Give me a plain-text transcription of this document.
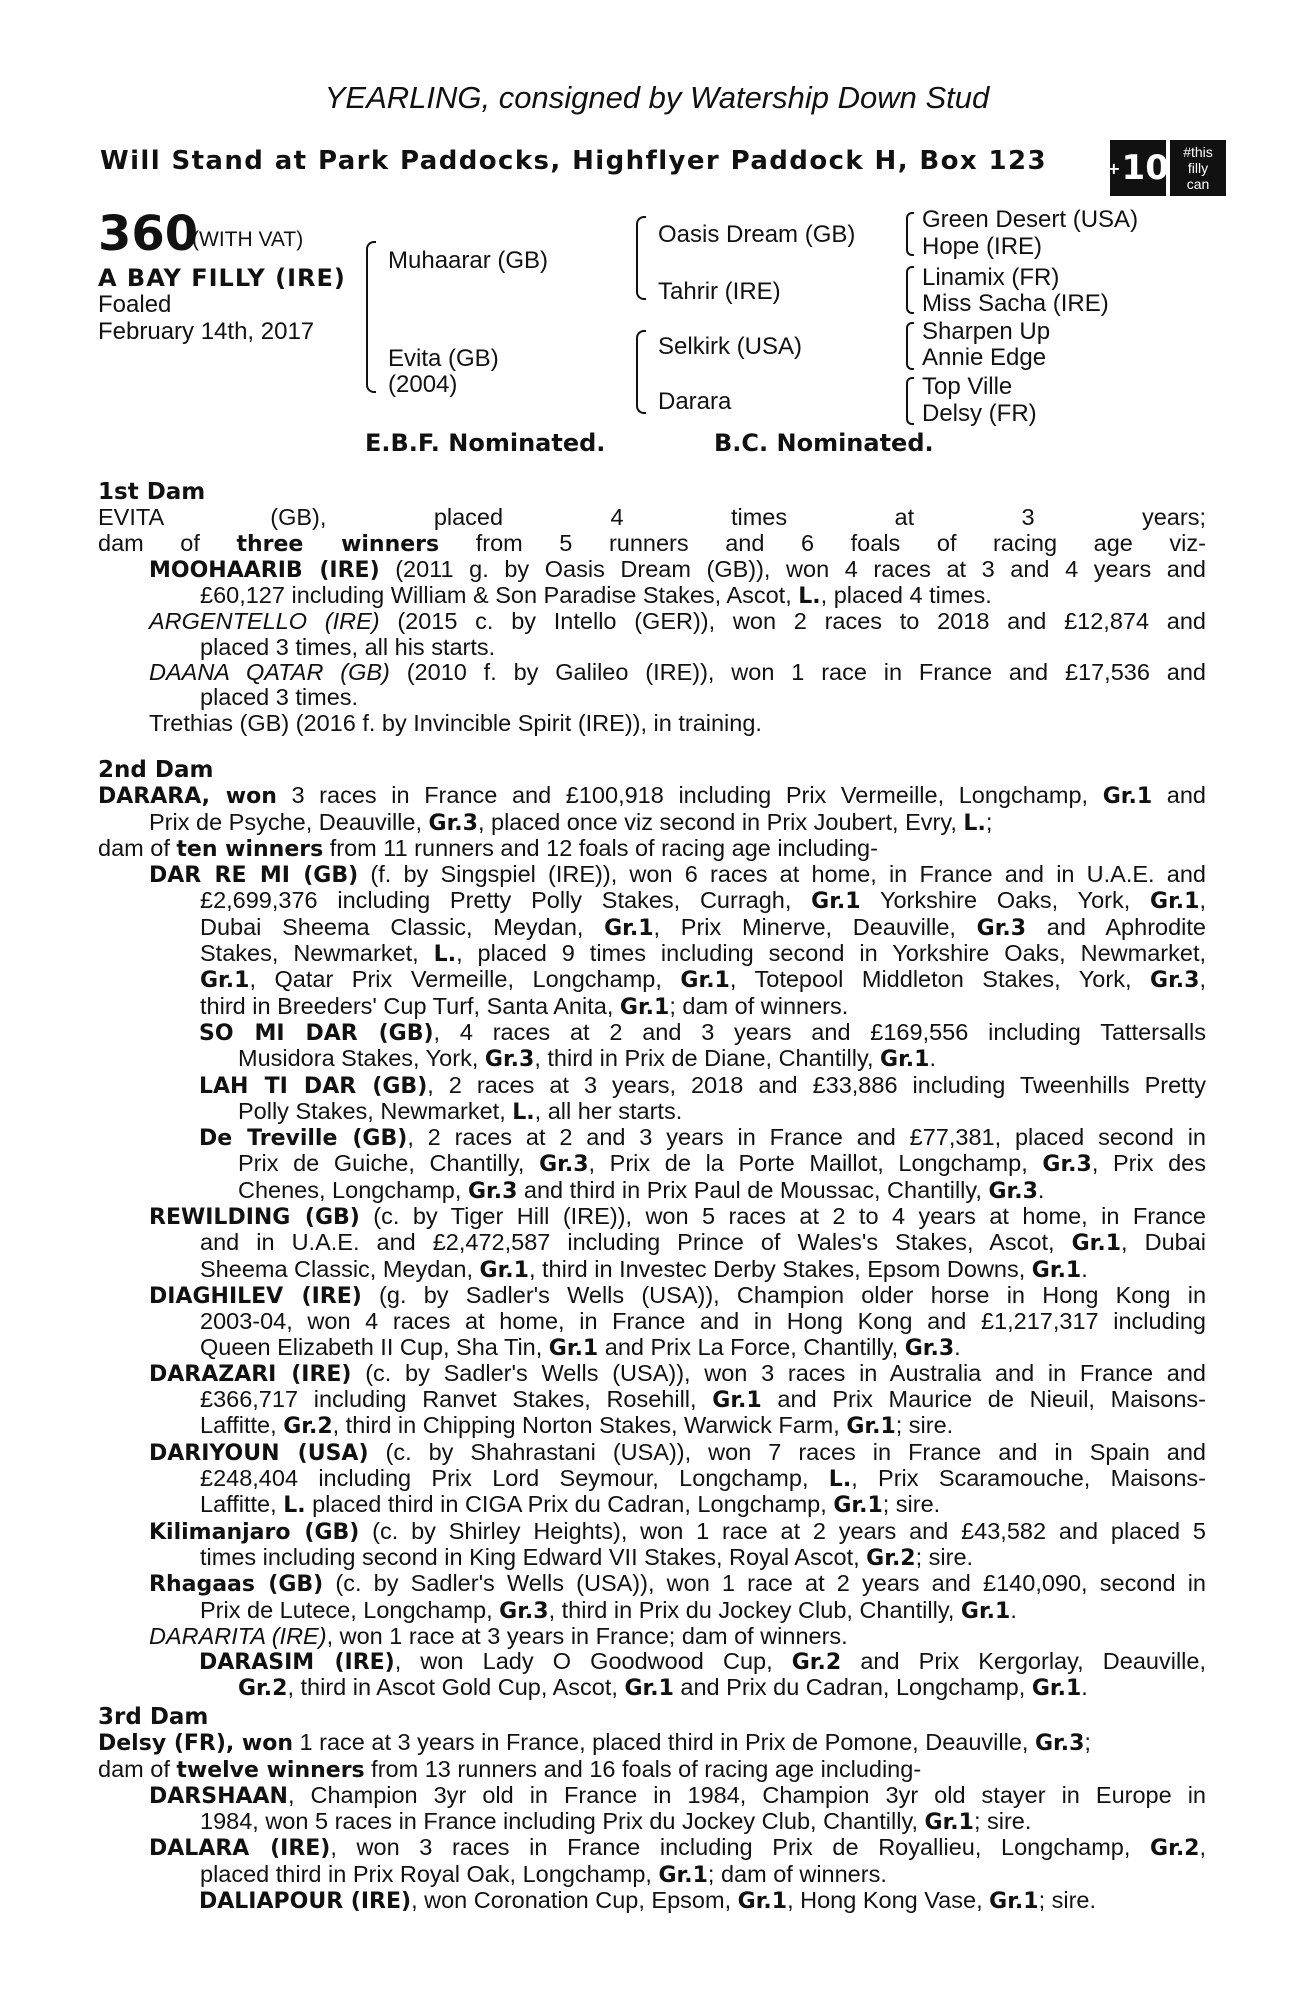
YEARLING, consigned by Watership Down Stud
Will Stand at Park Paddocks, Highflyer Paddock H, Box 123	+ 10	#this
filly
can
360
(WITH VAT)
A BAY FILLY (IRE)
Foaled
February 14th, 2017
Muhaarar (GB)
Evita (GB)
(2004)
Oasis Dream (GB)
Tahrir (IRE)
Selkirk (USA)
Darara
Green Desert (USA)
Hope (IRE)
Linamix (FR)
Miss Sacha (IRE)
Sharpen Up
Annie Edge
Top Ville
Delsy (FR)
E.B.F. Nominated.	B.C. Nominated.

1st Dam

EVITA (GB), placed 4 times at 3 years;

dam of three winners from 5 runners and 6 foals of racing age viz-

MOOHAARIB (IRE) (2011 g. by Oasis Dream (GB)), won 4 races at 3 and 4 years and

£60,127 including William & Son Paradise Stakes, Ascot, L., placed 4 times.

ARGENTELLO (IRE) (2015 c. by Intello (GER)), won 2 races to 2018 and £12,874 and

placed 3 times, all his starts.

DAANA QATAR (GB) (2010 f. by Galileo (IRE)), won 1 race in France and £17,536 and

placed 3 times.

Trethias (GB) (2016 f. by Invincible Spirit (IRE)), in training.

2nd Dam

DARARA, won 3 races in France and £100,918 including Prix Vermeille, Longchamp, Gr.1 and

Prix de Psyche, Deauville, Gr.3, placed once viz second in Prix Joubert, Evry, L.;

dam of ten winners from 11 runners and 12 foals of racing age including-

DAR RE MI (GB) (f. by Singspiel (IRE)), won 6 races at home, in France and in U.A.E. and

£2,699,376 including Pretty Polly Stakes, Curragh, Gr.1 Yorkshire Oaks, York, Gr.1,

Dubai Sheema Classic, Meydan, Gr.1, Prix Minerve, Deauville, Gr.3 and Aphrodite

Stakes, Newmarket, L., placed 9 times including second in Yorkshire Oaks, Newmarket,

Gr.1, Qatar Prix Vermeille, Longchamp, Gr.1, Totepool Middleton Stakes, York, Gr.3,

third in Breeders' Cup Turf, Santa Anita, Gr.1; dam of winners.

SO MI DAR (GB), 4 races at 2 and 3 years and £169,556 including Tattersalls

Musidora Stakes, York, Gr.3, third in Prix de Diane, Chantilly, Gr.1.

LAH TI DAR (GB), 2 races at 3 years, 2018 and £33,886 including Tweenhills Pretty

Polly Stakes, Newmarket, L., all her starts.

De Treville (GB), 2 races at 2 and 3 years in France and £77,381, placed second in

Prix de Guiche, Chantilly, Gr.3, Prix de la Porte Maillot, Longchamp, Gr.3, Prix des

Chenes, Longchamp, Gr.3 and third in Prix Paul de Moussac, Chantilly, Gr.3.

REWILDING (GB) (c. by Tiger Hill (IRE)), won 5 races at 2 to 4 years at home, in France

and in U.A.E. and £2,472,587 including Prince of Wales's Stakes, Ascot, Gr.1, Dubai

Sheema Classic, Meydan, Gr.1, third in Investec Derby Stakes, Epsom Downs, Gr.1.

DIAGHILEV (IRE) (g. by Sadler's Wells (USA)), Champion older horse in Hong Kong in

2003-04, won 4 races at home, in France and in Hong Kong and £1,217,317 including

Queen Elizabeth II Cup, Sha Tin, Gr.1 and Prix La Force, Chantilly, Gr.3.

DARAZARI (IRE) (c. by Sadler's Wells (USA)), won 3 races in Australia and in France and

£366,717 including Ranvet Stakes, Rosehill, Gr.1 and Prix Maurice de Nieuil, Maisons-

Laffitte, Gr.2, third in Chipping Norton Stakes, Warwick Farm, Gr.1; sire.

DARIYOUN (USA) (c. by Shahrastani (USA)), won 7 races in France and in Spain and

£248,404 including Prix Lord Seymour, Longchamp, L., Prix Scaramouche, Maisons-

Laffitte, L. placed third in CIGA Prix du Cadran, Longchamp, Gr.1; sire.

Kilimanjaro (GB) (c. by Shirley Heights), won 1 race at 2 years and £43,582 and placed 5

times including second in King Edward VII Stakes, Royal Ascot, Gr.2; sire.

Rhagaas (GB) (c. by Sadler's Wells (USA)), won 1 race at 2 years and £140,090, second in

Prix de Lutece, Longchamp, Gr.3, third in Prix du Jockey Club, Chantilly, Gr.1.

DARARITA (IRE), won 1 race at 3 years in France; dam of winners.

DARASIM (IRE), won Lady O Goodwood Cup, Gr.2 and Prix Kergorlay, Deauville,

Gr.2, third in Ascot Gold Cup, Ascot, Gr.1 and Prix du Cadran, Longchamp, Gr.1.

3rd Dam

Delsy (FR), won 1 race at 3 years in France, placed third in Prix de Pomone, Deauville, Gr.3;

dam of twelve winners from 13 runners and 16 foals of racing age including-

DARSHAAN, Champion 3yr old in France in 1984, Champion 3yr old stayer in Europe in

1984, won 5 races in France including Prix du Jockey Club, Chantilly, Gr.1; sire.

DALARA (IRE), won 3 races in France including Prix de Royallieu, Longchamp, Gr.2,

placed third in Prix Royal Oak, Longchamp, Gr.1; dam of winners.

DALIAPOUR (IRE), won Coronation Cup, Epsom, Gr.1, Hong Kong Vase, Gr.1; sire.
